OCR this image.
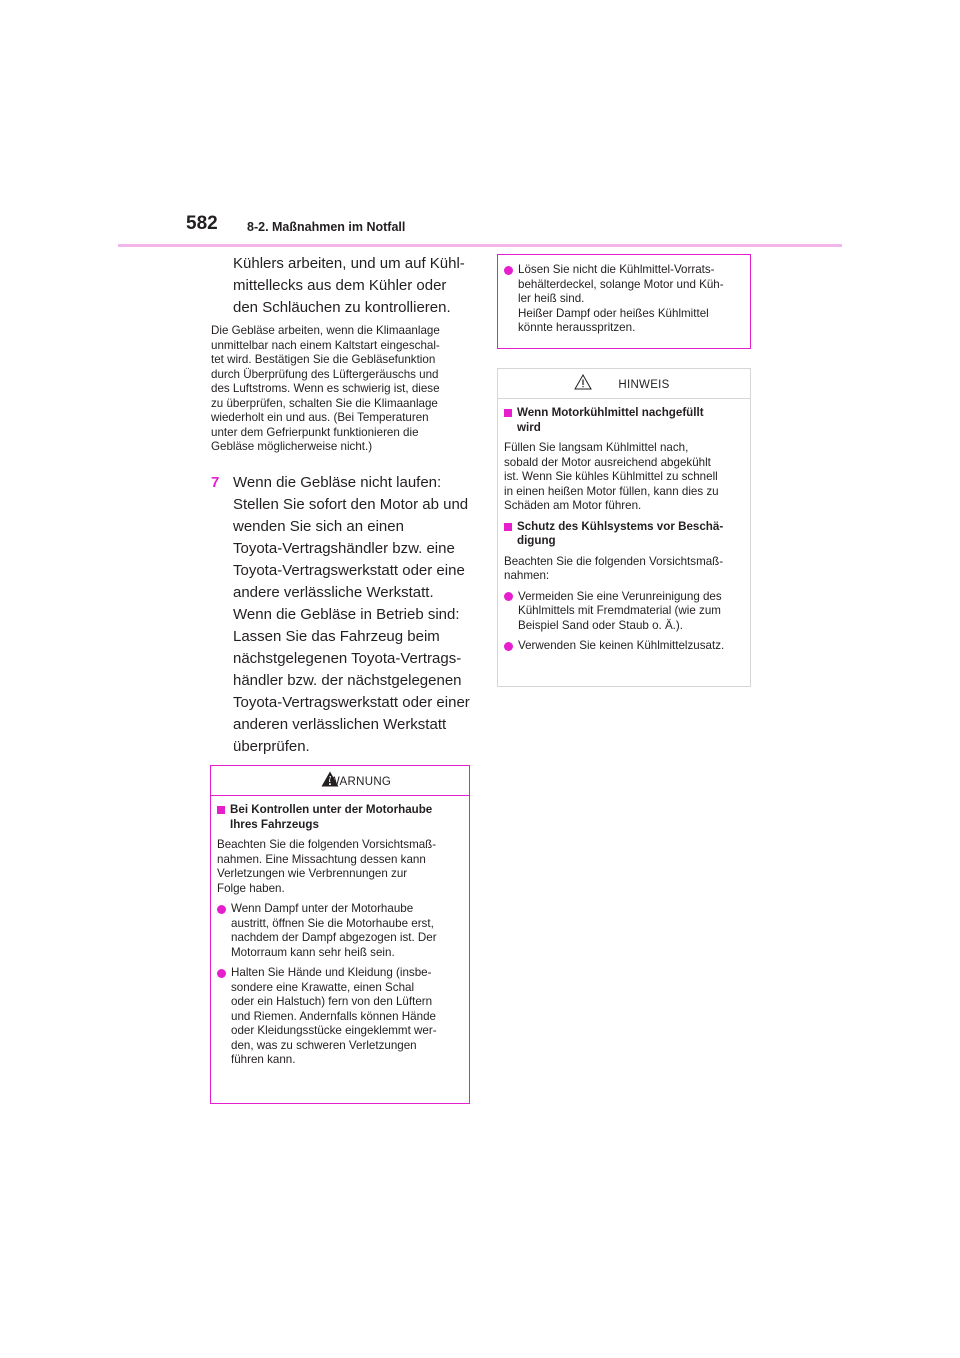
582 8-2. Maßnahmen im Notfall
Kühlers arbeiten, und um auf Kühl-
mittellecks aus dem Kühler oder
den Schläuchen zu kontrollieren.
Die Gebläse arbeiten, wenn die Klimaanlage
unmittelbar nach einem Kaltstart eingeschal-
tet wird. Bestätigen Sie die Gebläsefunktion
durch Überprüfung des Lüftergeräuschs und
des Luftstroms. Wenn es schwierig ist, diese
zu überprüfen, schalten Sie die Klimaanlage
wiederholt ein und aus. (Bei Temperaturen
unter dem Gefrierpunkt funktionieren die
Gebläse möglicherweise nicht.)
7 Wenn die Gebläse nicht laufen:
Stellen Sie sofort den Motor ab und
wenden Sie sich an einen
Toyota-Vertragshändler bzw. eine
Toyota-Vertragswerkstatt oder eine
andere verlässliche Werkstatt.
Wenn die Gebläse in Betrieb sind:
Lassen Sie das Fahrzeug beim
nächstgelegenen Toyota-Vertrags-
händler bzw. der nächstgelegenen
Toyota-Vertragswerkstatt oder einer
anderen verlässlichen Werkstatt
überprüfen.
WARNUNG
Bei Kontrollen unter der Motorhaube
Ihres Fahrzeugs
Beachten Sie die folgenden Vorsichtsmaß-
nahmen. Eine Missachtung dessen kann
Verletzungen wie Verbrennungen zur
Folge haben.
Wenn Dampf unter der Motorhaube
austritt, öffnen Sie die Motorhaube erst,
nachdem der Dampf abgezogen ist. Der
Motorraum kann sehr heiß sein.
Halten Sie Hände und Kleidung (insbe-
sondere eine Krawatte, einen Schal
oder ein Halstuch) fern von den Lüftern
und Riemen. Andernfalls können Hände
oder Kleidungsstücke eingeklemmt wer-
den, was zu schweren Verletzungen
führen kann.
Lösen Sie nicht die Kühlmittel-Vorrats-
behälterdeckel, solange Motor und Küh-
ler heiß sind.
Heißer Dampf oder heißes Kühlmittel
könnte herausspritzen.
HINWEIS
Wenn Motorkühlmittel nachgefüllt
wird
Füllen Sie langsam Kühlmittel nach,
sobald der Motor ausreichend abgekühlt
ist. Wenn Sie kühles Kühlmittel zu schnell
in einen heißen Motor füllen, kann dies zu
Schäden am Motor führen.
Schutz des Kühlsystems vor Beschä-
digung
Beachten Sie die folgenden Vorsichtsmaß-
nahmen:
Vermeiden Sie eine Verunreinigung des
Kühlmittels mit Fremdmaterial (wie zum
Beispiel Sand oder Staub o. Ä.).
Verwenden Sie keinen Kühlmittelzusatz.
